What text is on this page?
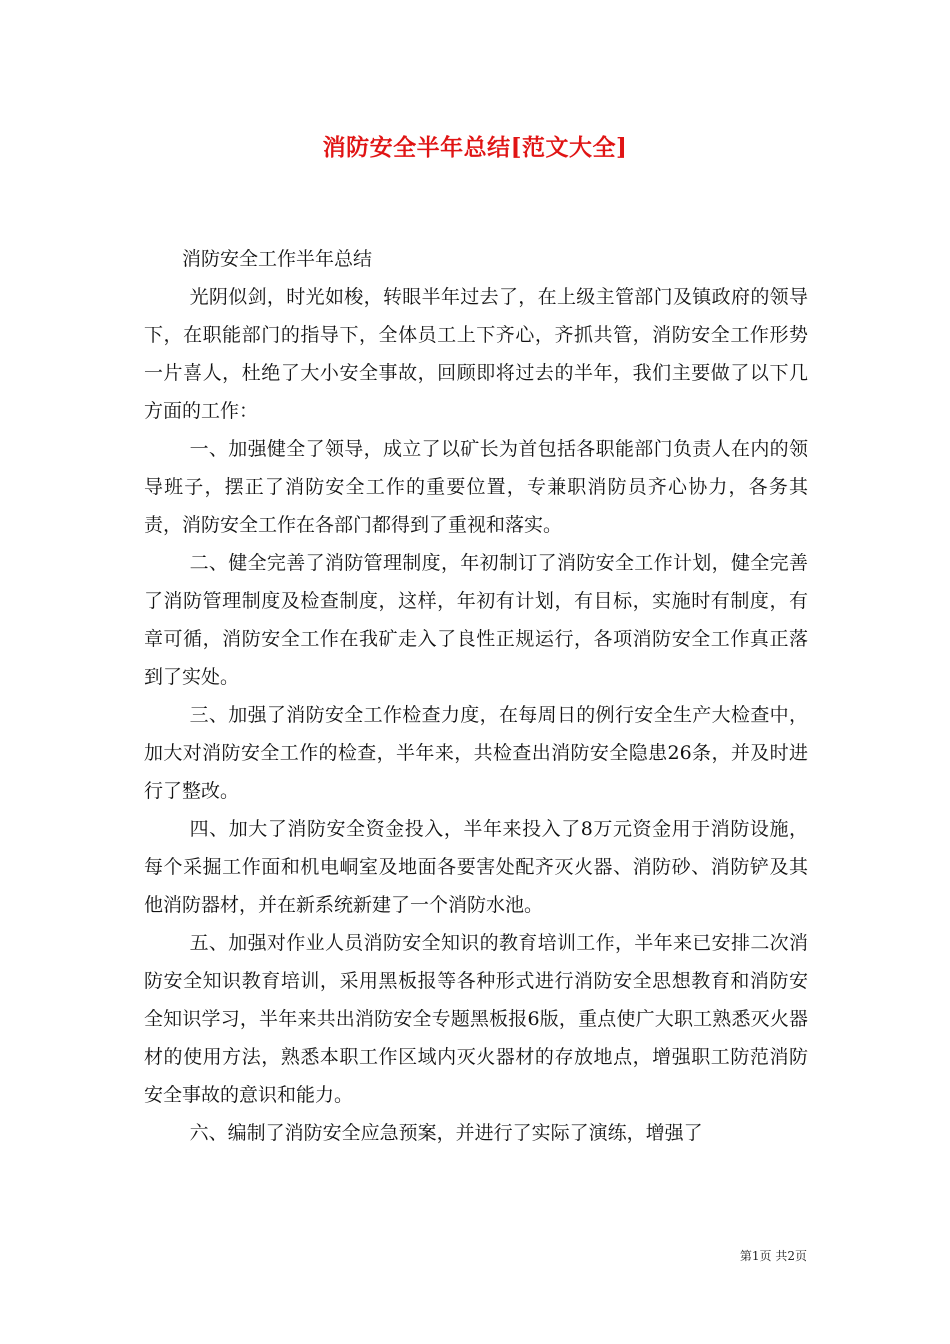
消防安全半年总结[范文大全]

消防安全工作半年总结

光阴似剑，时光如梭，转眼半年过去了，在上级主管部门及镇政府的领导下，在职能部门的指导下，全体员工上下齐心，齐抓共管，消防安全工作形势一片喜人，杜绝了大小安全事故，回顾即将过去的半年，我们主要做了以下几方面的工作：

一、加强健全了领导，成立了以矿长为首包括各职能部门负责人在内的领导班子，摆正了消防安全工作的重要位置，专兼职消防员齐心协力，各务其责，消防安全工作在各部门都得到了重视和落实。

二、健全完善了消防管理制度，年初制订了消防安全工作计划，健全完善了消防管理制度及检查制度，这样，年初有计划，有目标，实施时有制度，有章可循，消防安全工作在我矿走入了良性正规运行，各项消防安全工作真正落到了实处。

三、加强了消防安全工作检查力度，在每周日的例行安全生产大检查中，加大对消防安全工作的检查，半年来，共检查出消防安全隐患26条，并及时进行了整改。

四、加大了消防安全资金投入，半年来投入了8万元资金用于消防设施，每个采掘工作面和机电峒室及地面各要害处配齐灭火器、消防砂、消防铲及其他消防器材，并在新系统新建了一个消防水池。

五、加强对作业人员消防安全知识的教育培训工作，半年来已安排二次消防安全知识教育培训，采用黑板报等各种形式进行消防安全思想教育和消防安全知识学习，半年来共出消防安全专题黑板报6版，重点使广大职工熟悉灭火器材的使用方法，熟悉本职工作区域内灭火器材的存放地点，增强职工防范消防安全事故的意识和能力。

六、编制了消防安全应急预案，并进行了实际了演练，增强了

第1页 共2页
